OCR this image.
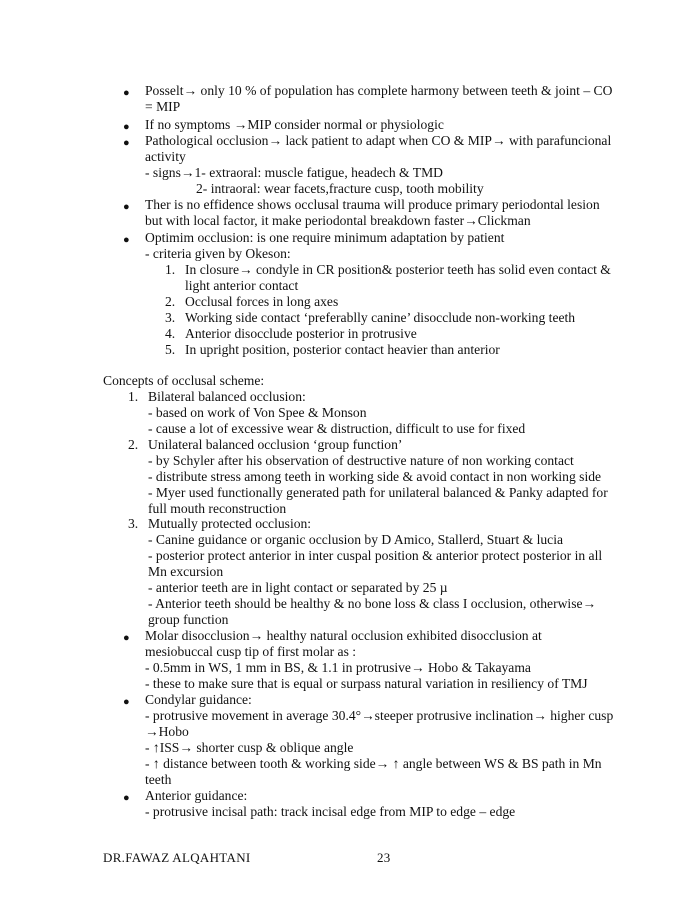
● Posselt→ only 10 % of population has complete harmony between teeth & joint – CO
= MIP
● If no symptoms →MIP consider normal or physiologic
● Pathological occlusion→ lack patient to adapt when CO & MIP→ with parafuncional
activity
- signs→1- extraoral: muscle fatigue, headech & TMD
2- intraoral: wear facets,fracture cusp, tooth mobility
● Ther is no effidence shows occlusal trauma will produce primary periodontal lesion
but with local factor, it make periodontal breakdown faster→Clickman
● Optimim occlusion: is one require minimum adaptation by patient
- criteria given by Okeson:
1. In closure→ condyle in CR position& posterior teeth has solid even contact &
light anterior contact
2. Occlusal forces in long axes
3. Working side contact ‘preferablly canine’ disocclude non-working teeth
4. Anterior disocclude posterior in protrusive
5. In upright position, posterior contact heavier than anterior
Concepts of occlusal scheme:
1. Bilateral balanced occlusion:
- based on work of Von Spee & Monson
- cause a lot of excessive wear & distruction, difficult to use for fixed
2. Unilateral balanced occlusion ‘group function’
- by Schyler after his observation of destructive nature of non working contact
- distribute stress among teeth in working side & avoid contact in non working side
- Myer used functionally generated path for unilateral balanced & Panky adapted for
full mouth reconstruction
3. Mutually protected occlusion:
- Canine guidance or organic occlusion by D Amico, Stallerd, Stuart & lucia
- posterior protect anterior in inter cuspal position & anterior protect posterior in all
Mn excursion
- anterior teeth are in light contact or separated by 25 µ
- Anterior teeth should be healthy & no bone loss & class I occlusion, otherwise→
group function
● Molar disocclusion→ healthy natural occlusion exhibited disocclusion at
mesiobuccal cusp tip of first molar as :
- 0.5mm in WS, 1 mm in BS, & 1.1 in protrusive→ Hobo & Takayama
- these to make sure that is equal or surpass natural variation in resiliency of TMJ
● Condylar guidance:
- protrusive movement in average 30.4°→steeper protrusive inclination→ higher cusp
→Hobo
- ↑ISS→ shorter cusp & oblique angle
- ↑ distance between tooth & working side→ ↑ angle between WS & BS path in Mn
teeth
● Anterior guidance:
- protrusive incisal path: track incisal edge from MIP to edge – edge
DR.FAWAZ ALQAHTANI	23
